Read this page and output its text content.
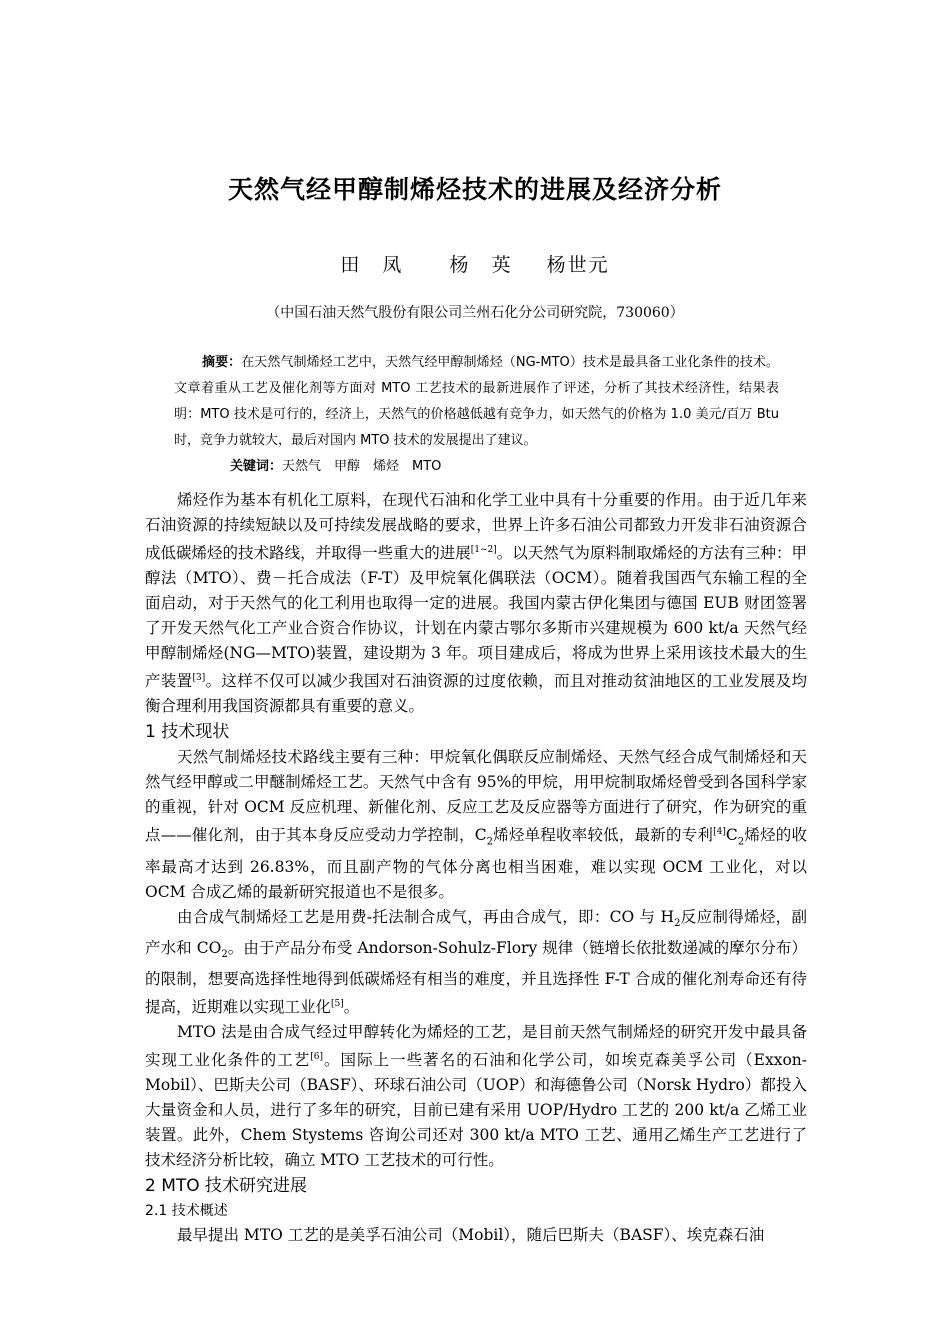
天然气经甲醇制烯烃技术的进展及经济分析
田　凤 杨　英 杨世元
（中国石油天然气股份有限公司兰州石化分公司研究院，730060）

摘要：在天然气制烯烃工艺中，天然气经甲醇制烯烃（NG-MTO）技术是最具备工业化条件的技术。文章着重从工艺及催化剂等方面对 MTO 工艺技术的最新进展作了评述，分析了其技术经济性，结果表明：MTO 技术是可行的，经济上，天然气的价格越低越有竞争力，如天然气的价格为 1.0 美元/百万 Btu 时，竞争力就较大，最后对国内 MTO 技术的发展提出了建议。

关键词：天然气　甲醇　烯烃　MTO

烯烃作为基本有机化工原料，在现代石油和化学工业中具有十分重要的作用。由于近几年来石油资源的持续短缺以及可持续发展战略的要求，世界上许多石油公司都致力开发非石油资源合成低碳烯烃的技术路线，并取得一些重大的进展[1~2]。以天然气为原料制取烯烃的方法有三种：甲醇法（MTO）、费－托合成法（F-T）及甲烷氧化偶联法（OCM）。随着我国西气东输工程的全面启动，对于天然气的化工利用也取得一定的进展。我国内蒙古伊化集团与德国 EUB 财团签署了开发天然气化工产业合资合作协议，计划在内蒙古鄂尔多斯市兴建规模为 600 kt/a 天然气经甲醇制烯烃(NG—MTO)装置，建设期为 3 年。项目建成后，将成为世界上采用该技术最大的生产装置[3]。这样不仅可以减少我国对石油资源的过度依赖，而且对推动贫油地区的工业发展及均衡合理利用我国资源都具有重要的意义。

1 技术现状

天然气制烯烃技术路线主要有三种：甲烷氧化偶联反应制烯烃、天然气经合成气制烯烃和天然气经甲醇或二甲醚制烯烃工艺。天然气中含有 95%的甲烷，用甲烷制取烯烃曾受到各国科学家的重视，针对 OCM 反应机理、新催化剂、反应工艺及反应器等方面进行了研究，作为研究的重点——催化剂，由于其本身反应受动力学控制，$C_2$烯烃单程收率较低，最新的专利$[4]C_2$烯烃的收率最高才达到 26.83%，而且副产物的气体分离也相当困难，难以实现 OCM 工业化，对以 OCM 合成乙烯的最新研究报道也不是很多。

由合成气制烯烃工艺是用费-托法制合成气，再由合成气，即：CO 与 $H_2$反应制得烯烃，副产水和 $CO_2$。由于产品分布受 Andorson-Sohulz-Flory 规律（链增长依批数递减的摩尔分布）的限制，想要高选择性地得到低碳烯烃有相当的难度，并且选择性 F-T 合成的催化剂寿命还有待提高，近期难以实现工业化[5]。

MTO 法是由合成气经过甲醇转化为烯烃的工艺，是目前天然气制烯烃的研究开发中最具备实现工业化条件的工艺[6]。国际上一些著名的石油和化学公司，如埃克森美孚公司（Exxon-Mobil）、巴斯夫公司（BASF）、环球石油公司（UOP）和海德鲁公司（Norsk Hydro）都投入大量资金和人员，进行了多年的研究，目前已建有采用 UOP/Hydro 工艺的 200 kt/a 乙烯工业装置。此外，Chem Stystems 咨询公司还对 300 kt/a MTO 工艺、通用乙烯生产工艺进行了技术经济分析比较，确立 MTO 工艺技术的可行性。

2 MTO 技术研究进展
2.1 技术概述

最早提出 MTO 工艺的是美孚石油公司（Mobil），随后巴斯夫（BASF）、埃克森石油
